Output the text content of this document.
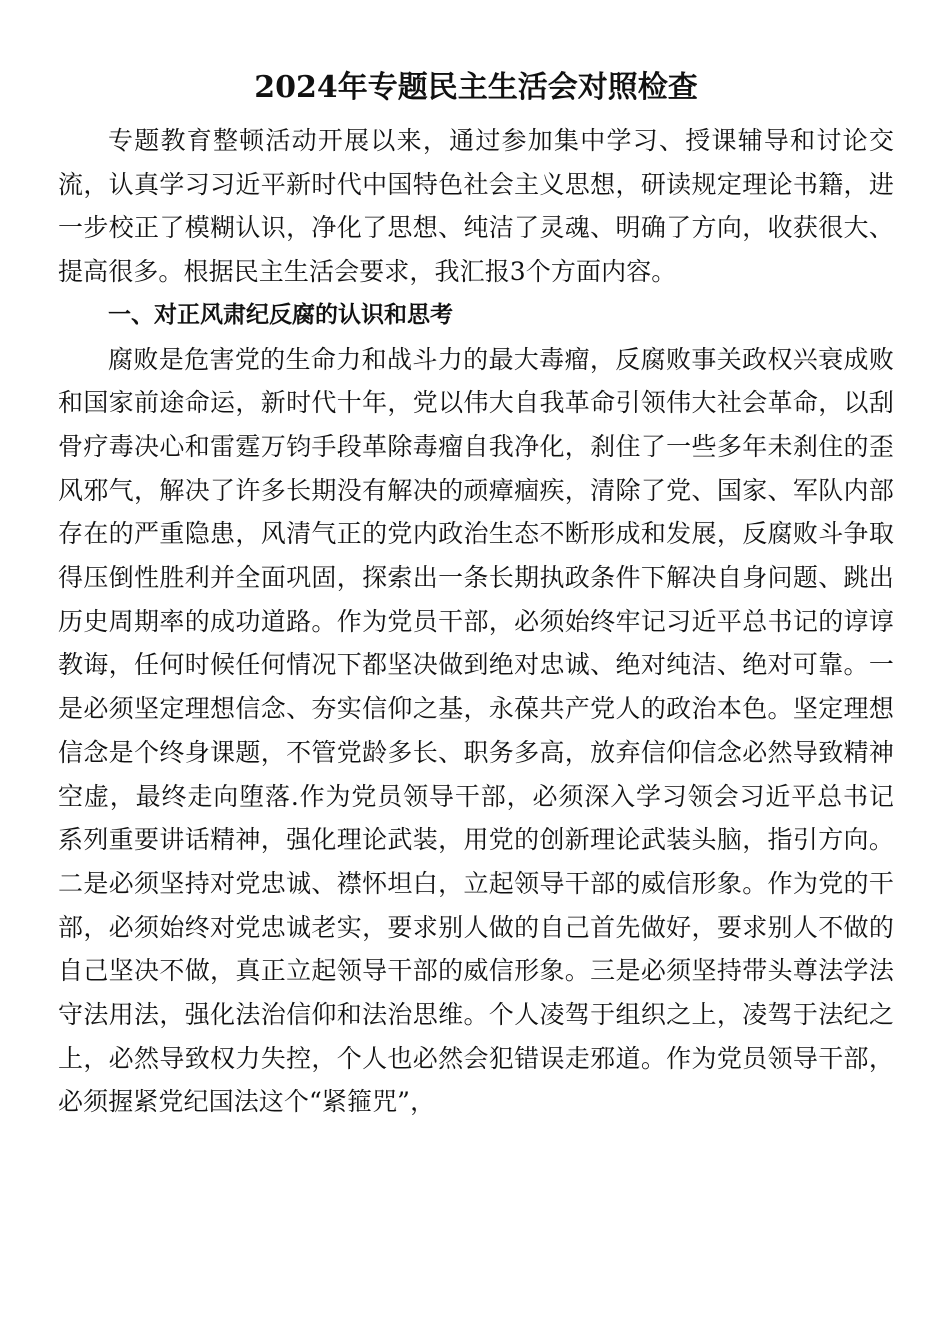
2024年专题民主生活会对照检查

专题教育整顿活动开展以来，通过参加集中学习、授课辅导和讨论交流，认真学习习近平新时代中国特色社会主义思想，研读规定理论书籍，进一步校正了模糊认识，净化了思想、纯洁了灵魂、明确了方向，收获很大、提高很多。根据民主生活会要求，我汇报3个方面内容。

一、对正风肃纪反腐的认识和思考

腐败是危害党的生命力和战斗力的最大毒瘤，反腐败事关政权兴衰成败和国家前途命运，新时代十年，党以伟大自我革命引领伟大社会革命，以刮骨疗毒决心和雷霆万钧手段革除毒瘤自我净化，刹住了一些多年未刹住的歪风邪气，解决了许多长期没有解决的顽瘴痼疾，清除了党、国家、军队内部存在的严重隐患，风清气正的党内政治生态不断形成和发展，反腐败斗争取得压倒性胜利并全面巩固，探索出一条长期执政条件下解决自身问题、跳出历史周期率的成功道路。作为党员干部，必须始终牢记习近平总书记的谆谆教诲，任何时候任何情况下都坚决做到绝对忠诚、绝对纯洁、绝对可靠。一是必须坚定理想信念、夯实信仰之基，永葆共产党人的政治本色。坚定理想信念是个终身课题，不管党龄多长、职务多高，放弃信仰信念必然导致精神空虚，最终走向堕落.作为党员领导干部，必须深入学习领会习近平总书记系列重要讲话精神，强化理论武装，用党的创新理论武装头脑，指引方向。二是必须坚持对党忠诚、襟怀坦白，立起领导干部的威信形象。作为党的干部，必须始终对党忠诚老实，要求别人做的自己首先做好，要求别人不做的自己坚决不做，真正立起领导干部的威信形象。三是必须坚持带头尊法学法守法用法，强化法治信仰和法治思维。个人凌驾于组织之上，凌驾于法纪之上，必然导致权力失控，个人也必然会犯错误走邪道。作为党员领导干部，必须握紧党纪国法这个“紧箍咒”，
